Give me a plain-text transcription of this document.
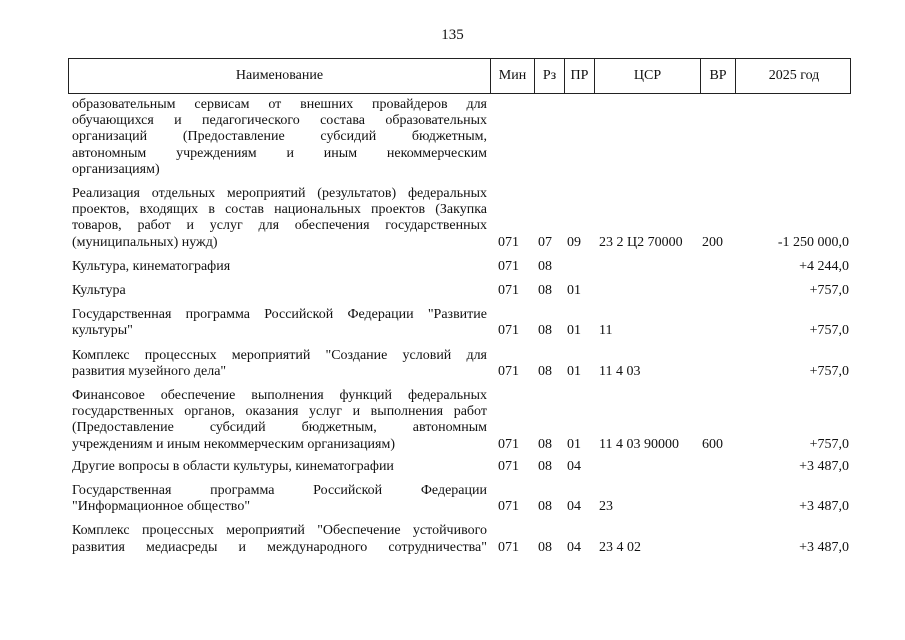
135
Наименование	Мин	Рз	ПР	ЦСР	ВР	2025 год
образовательным сервисам от внешних провайдеров для
обучающихся и педагогического состава образовательных
организаций (Предоставление субсидий бюджетным,
автономным учреждениям и иным некоммерческим
организациям)
Реализация отдельных мероприятий (результатов) федеральных
проектов, входящих в состав национальных проектов (Закупка
товаров, работ и услуг для обеспечения государственных
(муниципальных) нужд)	071 07 09 23 2 Ц2 70000 200	-1 250 000,0
Культура, кинематография	071 08	+4 244,0
Культура	071 08 01	+757,0
Государственная программа Российской Федерации "Развитие
культуры"	071 08 01 11	+757,0
Комплекс процессных мероприятий "Создание условий для
развития музейного дела"	071 08 01 11 4 03	+757,0
Финансовое обеспечение выполнения функций федеральных
государственных органов, оказания услуг и выполнения работ
(Предоставление субсидий бюджетным, автономным
учреждениям и иным некоммерческим организациям)	071 08 01 11 4 03 90000 600	+757,0
Другие вопросы в области культуры, кинематографии	071 08 04	+3 487,0
Государственная программа Российской Федерации
"Информационное общество"	071 08 04 23	+3 487,0
Комплекс процессных мероприятий "Обеспечение устойчивого
развития медиасреды и международного сотрудничества" 071 08 04 23 4 02	+3 487,0
